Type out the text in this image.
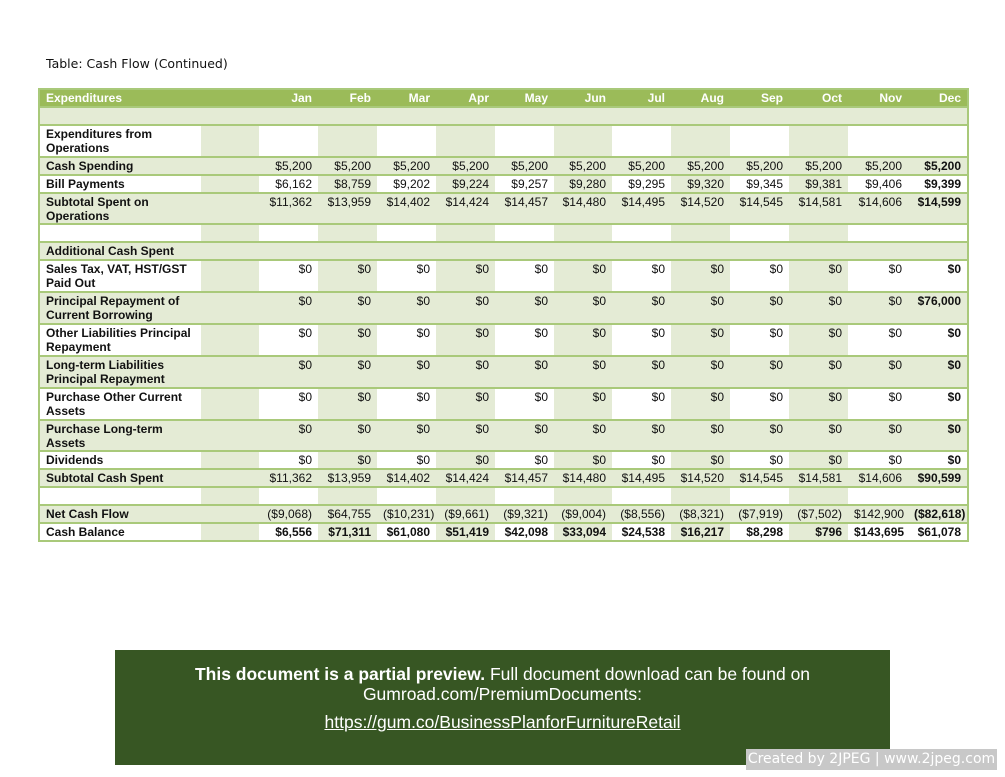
Table: Cash Flow (Continued)
Expenditures		Jan	Feb	Mar	Apr	May	Jun	Jul	Aug	Sep	Oct	Nov	Dec

Expenditures from Operations													
Cash Spending		$5,200	$5,200	$5,200	$5,200	$5,200	$5,200	$5,200	$5,200	$5,200	$5,200	$5,200	$5,200
Bill Payments		$6,162	$8,759	$9,202	$9,224	$9,257	$9,280	$9,295	$9,320	$9,345	$9,381	$9,406	$9,399
Subtotal Spent on Operations		$11,362	$13,959	$14,402	$14,424	$14,457	$14,480	$14,495	$14,520	$14,545	$14,581	$14,606	$14,599

Additional Cash Spent													
Sales Tax, VAT, HST/GST Paid Out		$0	$0	$0	$0	$0	$0	$0	$0	$0	$0	$0	$0
Principal Repayment of Current Borrowing		$0	$0	$0	$0	$0	$0	$0	$0	$0	$0	$0	$76,000
Other Liabilities Principal Repayment		$0	$0	$0	$0	$0	$0	$0	$0	$0	$0	$0	$0
Long-term Liabilities Principal Repayment		$0	$0	$0	$0	$0	$0	$0	$0	$0	$0	$0	$0
Purchase Other Current Assets		$0	$0	$0	$0	$0	$0	$0	$0	$0	$0	$0	$0
Purchase Long-term Assets		$0	$0	$0	$0	$0	$0	$0	$0	$0	$0	$0	$0
Dividends		$0	$0	$0	$0	$0	$0	$0	$0	$0	$0	$0	$0
Subtotal Cash Spent		$11,362	$13,959	$14,402	$14,424	$14,457	$14,480	$14,495	$14,520	$14,545	$14,581	$14,606	$90,599

Net Cash Flow		($9,068)	$64,755	($10,231)	($9,661)	($9,321)	($9,004)	($8,556)	($8,321)	($7,919)	($7,502)	$142,900	($82,618)
Cash Balance		$6,556	$71,311	$61,080	$51,419	$42,098	$33,094	$24,538	$16,217	$8,298	$796	$143,695	$61,078
This document is a partial preview. Full document download can be found on Gumroad.com/PremiumDocuments:
https://gum.co/BusinessPlanforFurnitureRetail
Created by 2JPEG | www.2jpeg.com
